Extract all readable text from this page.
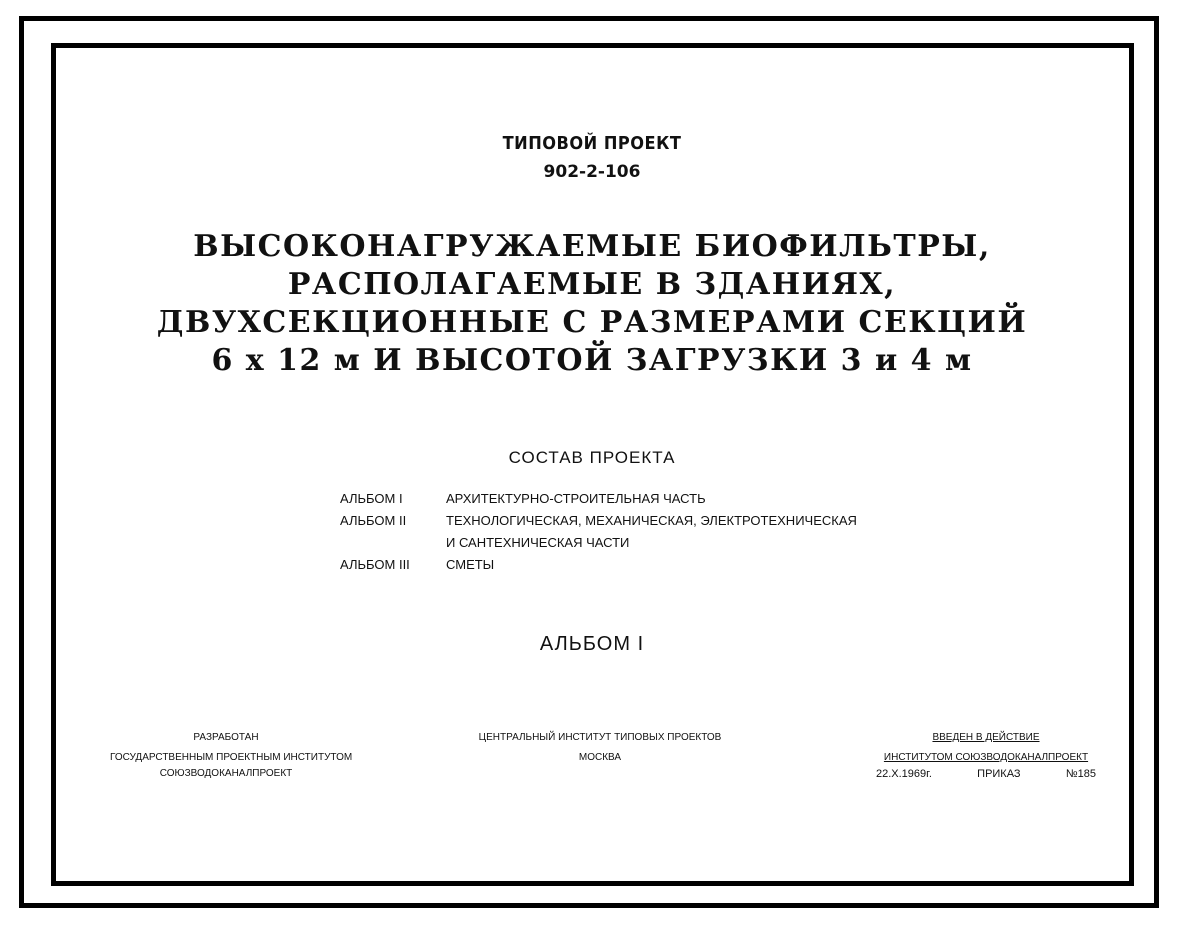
ТИПОВОЙ ПРОЕКТ
902-2-106
ВЫСОКОНАГРУЖАЕМЫЕ БИОФИЛЬТРЫ,
РАСПОЛАГАЕМЫЕ В ЗДАНИЯХ,
ДВУХСЕКЦИОННЫЕ С РАЗМЕРАМИ СЕКЦИЙ
6 х 12 м И ВЫСОТОЙ ЗАГРУЗКИ 3 и 4 м
СОСТАВ ПРОЕКТА
АЛЬБОМ I	АРХИТЕКТУРНО-СТРОИТЕЛЬНАЯ ЧАСТЬ
АЛЬБОМ II	ТЕХНОЛОГИЧЕСКАЯ, МЕХАНИЧЕСКАЯ, ЭЛЕКТРОТЕХНИЧЕСКАЯ
И САНТЕХНИЧЕСКАЯ ЧАСТИ
АЛЬБОМ III	СМЕТЫ
АЛЬБОМ I
РАЗРАБОТАН
ГОСУДАРСТВЕННЫМ ПРОЕКТНЫМ ИНСТИТУТОМ
СОЮЗВОДОКАНАЛПРОЕКТ
ЦЕНТРАЛЬНЫЙ ИНСТИТУТ ТИПОВЫХ ПРОЕКТОВ
МОСКВА
ВВЕДЕН В ДЕЙСТВИЕ
ИНСТИТУТОМ СОЮЗВОДОКАНАЛПРОЕКТ
22.X.1969г.	ПРИКАЗ	№185
